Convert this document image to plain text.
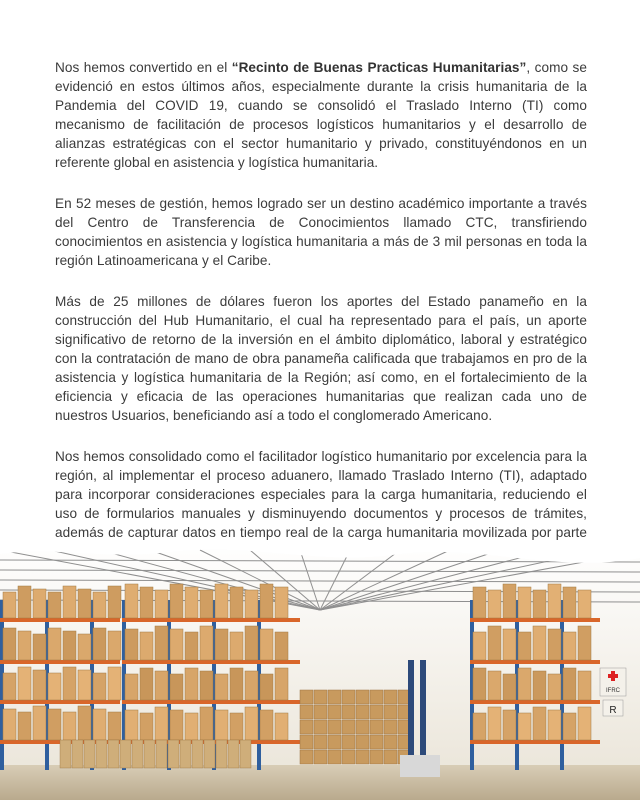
Nos hemos convertido en el “Recinto de Buenas Practicas Humanitarias”, como se evidenció en estos últimos años, especialmente durante la crisis humanitaria de la Pandemia del COVID 19, cuando se consolidó el Traslado Interno (TI) como mecanismo de facilitación de procesos logísticos humanitarios y el desarrollo de alianzas estratégicas con el sector humanitario y privado, constituyéndonos en un referente global en asistencia y logística humanitaria.

En 52 meses de gestión, hemos logrado ser un destino académico importante a través del Centro de Transferencia de Conocimientos llamado CTC, transfiriendo conocimientos en asistencia y logística humanitaria a más de 3 mil personas en toda la región Latinoamericana y el Caribe.

Más de 25 millones de dólares fueron los aportes del Estado panameño en la construcción del Hub Humanitario, el cual ha representado para el país, un aporte significativo de retorno de la inversión en el ámbito diplomático, laboral y estratégico con la contratación de mano de obra panameña calificada que trabajamos en pro de la asistencia y logística humanitaria de la Región; así como, en el fortalecimiento de la eficiencia y eficacia de las operaciones humanitarias que realizan cada uno de nuestros Usuarios, beneficiando así a todo el conglomerado Americano.

Nos hemos consolidado como el facilitador logístico humanitario por excelencia para la región, al implementar el proceso aduanero, llamado Traslado Interno (TI), adaptado para incorporar consideraciones especiales para la carga humanitaria, reduciendo el uso de formularios manuales y disminuyendo documentos y procesos de trámites, además de capturar datos en tiempo real de la carga humanitaria movilizada por parte

IFRC
R
